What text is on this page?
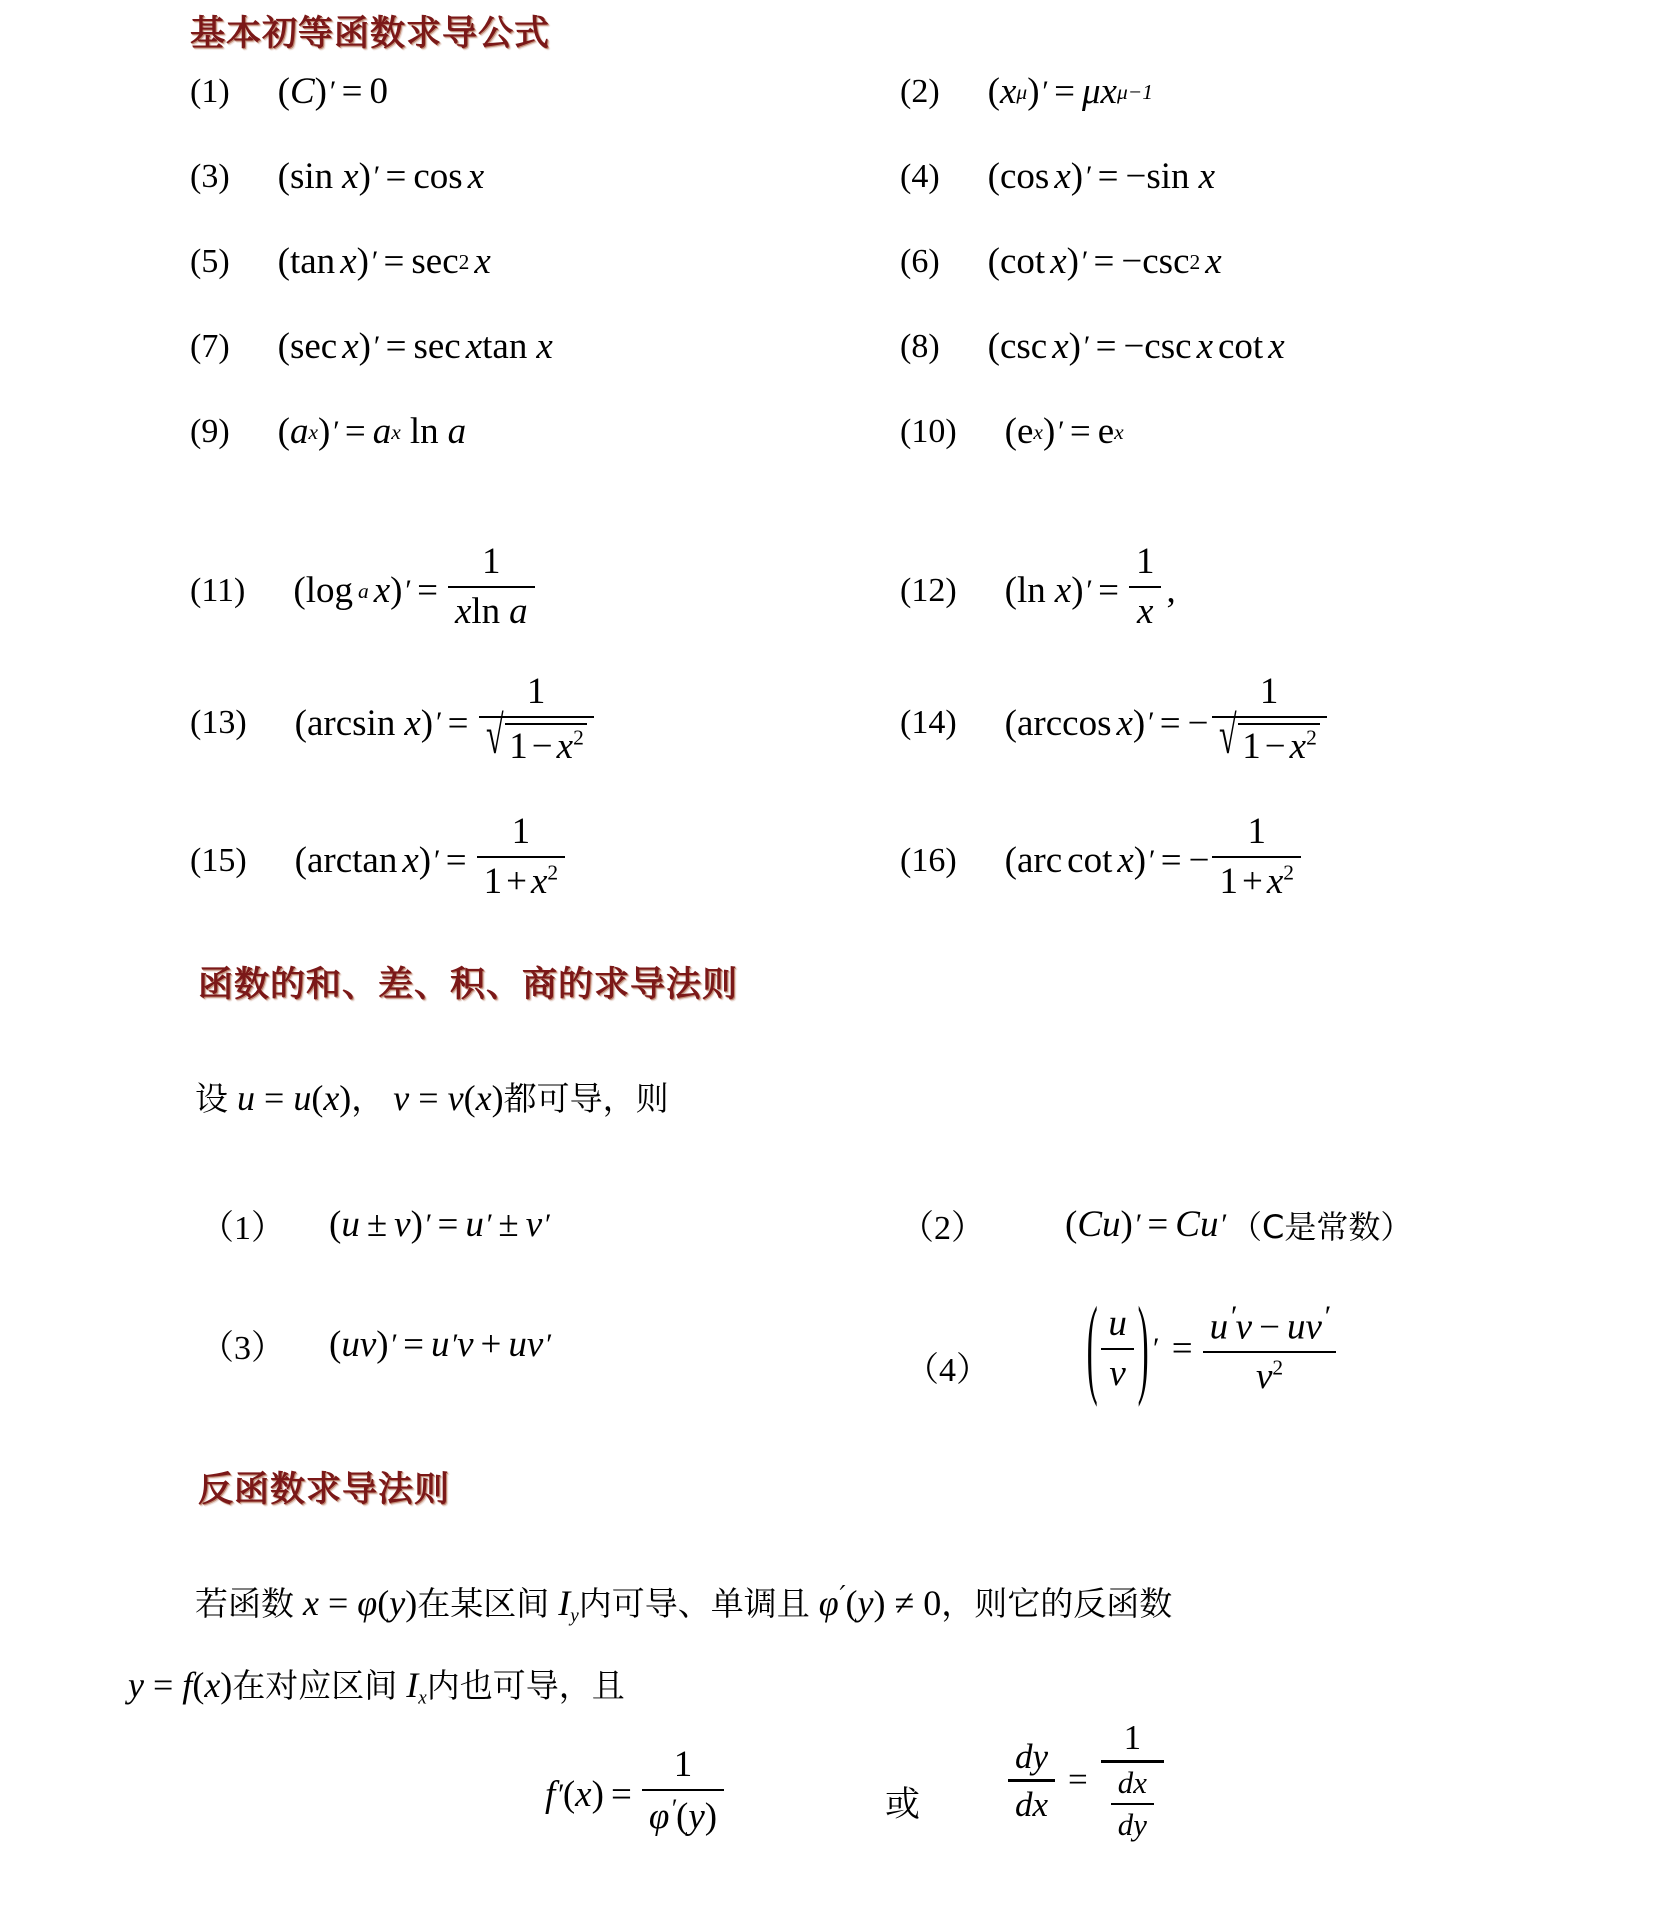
基本初等函数求导公式
(1) ( C ) ′ = 0	(2) ( x μ ) ′ = μ x μ−1
(3) (sin x ) ′ = cos x	(4) (cos x ) ′ = −sin x
(5) (tan x ) ′ = sec 2 x	(6) (cot x ) ′ = −csc 2 x
(7) (sec x ) ′ = sec x tan x	(8) (csc x ) ′ = −csc x cot x
(9) ( a x ) ′ = a x ln a	(10) (e x ) ′ = e x
(11) (log a x ) ′ = $\frac{1}{\text{xln a}}$	(12) (ln x ) ′ = $\frac{1}{x}$ ,
(13) (arcsin x ) ′ = $\frac{1}{√ 1 - x^2}$	(14) (arccos x ) ′ = − $\frac{1}{√ 1 - x^2}$
(15) (arctan x ) ′ = $\frac{1}{1 + x^2}$	(16) (arc cot x ) ′ = − $\frac{1}{1 + x^2}$
函数的和、差、积、商的求导法则
设 u = u(x)， v = v(x)都可导，则
（1） ( u ± v ) ′ = u ′ ± v ′	（2） ( Cu ) ′ = Cu ′ （C是常数）
（3） ( uv ) ′ = u ′ v + uv ′
（4）	( $\frac{u}{v}$ ) ′ = $\frac{u'v - uv'}{v^2}$
反函数求导法则
若函数 x = φ(y)在某区间 $I_y$内可导、单调且 φ′(y) ≠ 0，则它的反函数
y = f(x)在对应区间 $I_x$内也可导，且
f ′ ( x ) = $\frac{1}{\varphi'(y)}$	或	$\frac{dy}{dx} = \frac{1}{\frac{dx}{dy}}$
